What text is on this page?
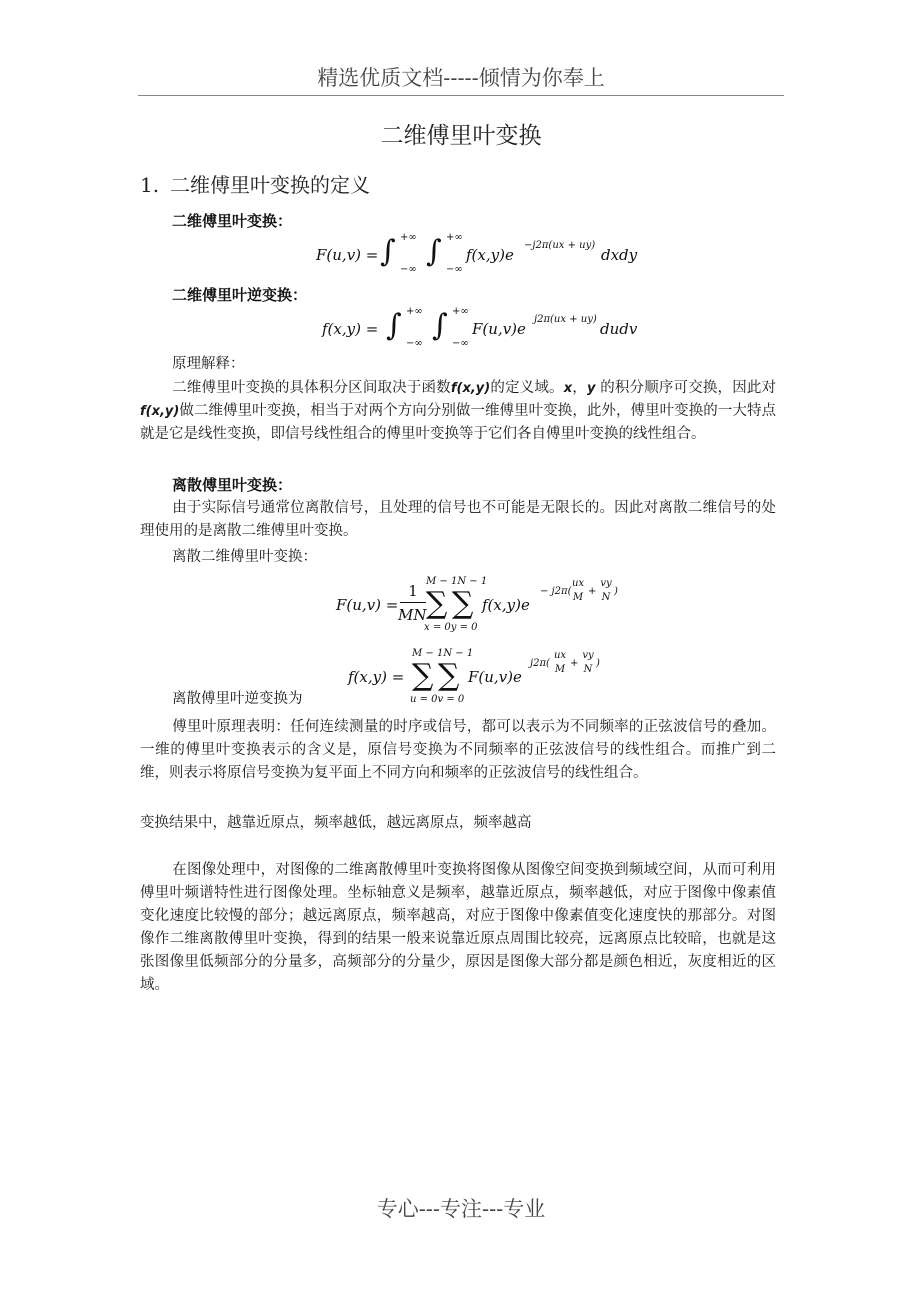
精选优质文档-----倾情为你奉上
二维傅里叶变换
1. 二维傅里叶变换的定义
二维傅里叶变换：
F(u,v) = ∫ +∞
−∞
∫ +∞
−∞
f(x,y)e
−j2π(ux + uy)
dxdy
二维傅里叶逆变换：
f(x,y) = ∫ +∞
−∞
∫ +∞
−∞
F(u,v)e
j2π(ux + uy)
dudv
原理解释：
二维傅里叶变换的具体积分区间取决于函数f(x,y)的定义域。x，y 的积分顺序可交换，因此对f(x,y)做二维傅里叶变换，相当于对两个方向分别做一维傅里叶变换，此外，傅里叶变换的一大特点就是它是线性变换，即信号线性组合的傅里叶变换等于它们各自傅里叶变换的线性组合。
离散傅里叶变换：
由于实际信号通常位离散信号，且处理的信号也不可能是无限长的。因此对离散二维信号的处理使用的是离散二维傅里叶变换。
离散二维傅里叶变换：
F(u,v) =
1
MN
M − 1N − 1
∑ ∑
x = 0y = 0
f(x,y)e
− j2π(
ux
M
+
vy
N
)
f(x,y) =
M − 1N − 1
∑ ∑
u = 0v = 0
F(u,v)e
j2π(
ux
M
+
vy
N
)
离散傅里叶逆变换为
傅里叶原理表明：任何连续测量的时序或信号，都可以表示为不同频率的正弦波信号的叠加。一维的傅里叶变换表示的含义是，原信号变换为不同频率的正弦波信号的线性组合。而推广到二维，则表示将原信号变换为复平面上不同方向和频率的正弦波信号的线性组合。
变换结果中，越靠近原点，频率越低，越远离原点，频率越高
在图像处理中，对图像的二维离散傅里叶变换将图像从图像空间变换到频域空间，从而可利用傅里叶频谱特性进行图像处理。坐标轴意义是频率，越靠近原点，频率越低，对应于图像中像素值变化速度比较慢的部分；越远离原点，频率越高，对应于图像中像素值变化速度快的那部分。对图像作二维离散傅里叶变换，得到的结果一般来说靠近原点周围比较亮，远离原点比较暗，也就是这张图像里低频部分的分量多，高频部分的分量少，原因是图像大部分都是颜色相近，灰度相近的区域。
专心---专注---专业
